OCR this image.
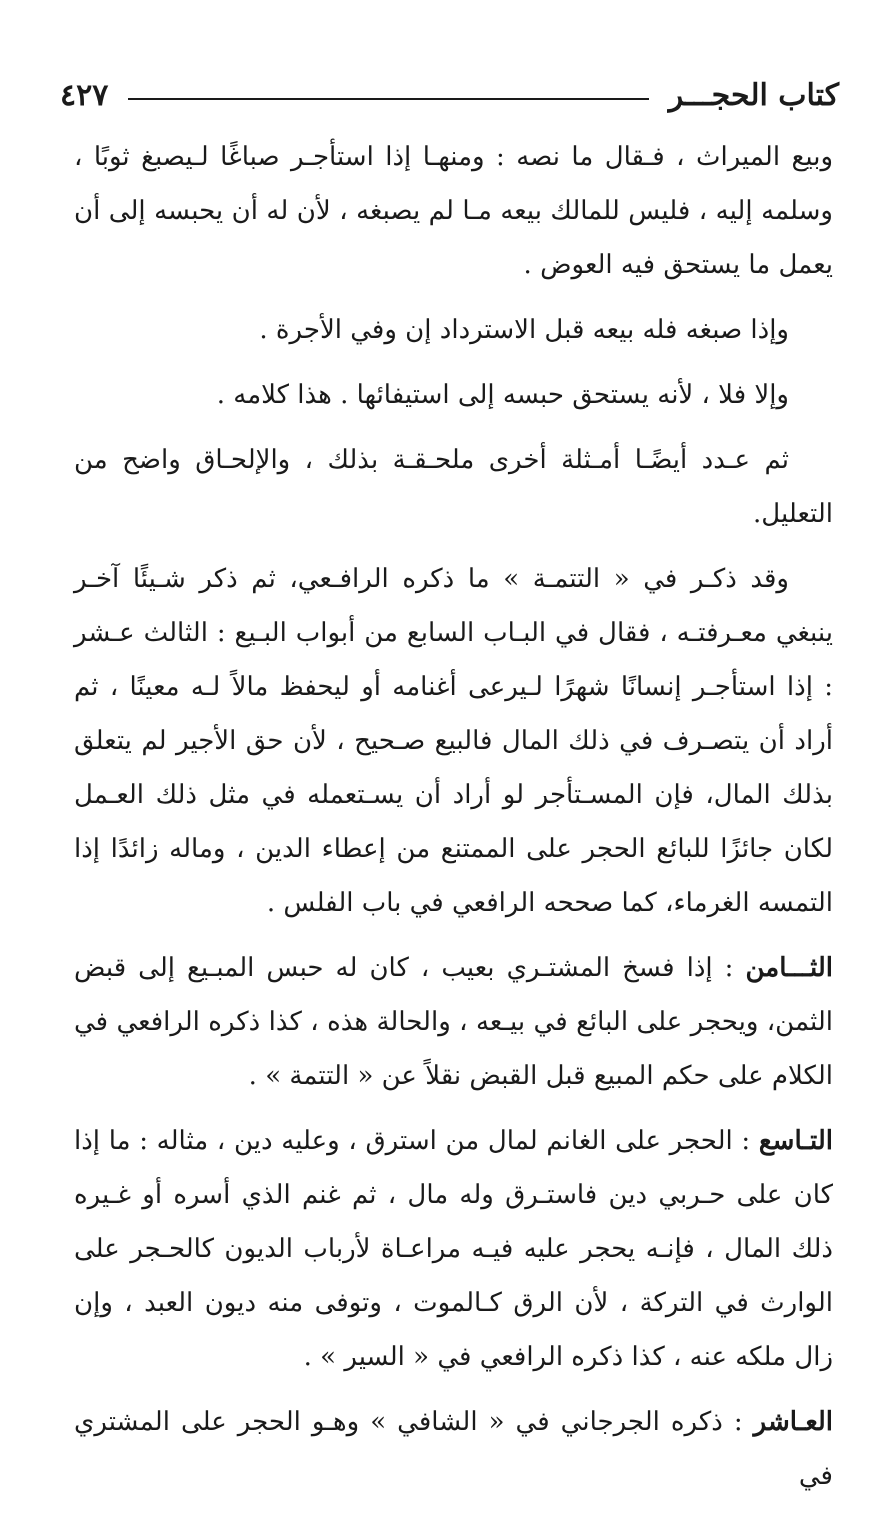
كتاب الحجـــر
٤٢٧

وبيع الميراث ، فـقال ما نصه : ومنهـا إذا استأجـر صباغًا لـيصبغ ثوبًا ، وسلمه إليه ، فليس للمالك بيعه مـا لم يصبغه ، لأن له أن يحبسه إلى أن يعمل ما يستحق فيه العوض .

وإذا صبغه فله بيعه قبل الاسترداد إن وفي الأجرة .

وإلا فلا ، لأنه يستحق حبسه إلى استيفائها . هذا كلامه .

ثم عـدد أيضًـا أمـثلة أخرى ملحـقـة بذلك ، والإلحـاق واضح من التعليل.

وقد ذكـر في « التتمـة » ما ذكره الرافـعي، ثم ذكر شـيئًا آخـر ينبغي معـرفتـه ، فقال في البـاب السابع من أبواب البـيع : الثالث عـشر : إذا استأجـر إنسانًا شهرًا لـيرعى أغنامه أو ليحفظ مالاً لـه معينًا ، ثم أراد أن يتصـرف في ذلك المال فالبيع صـحيح ، لأن حق الأجير لم يتعلق بذلك المال، فإن المسـتأجر لو أراد أن يسـتعمله في مثل ذلك العـمل لكان جائزًا للبائع الحجر على الممتنع من إعطاء الدين ، وماله زائدًا إذا التمسه الغرماء، كما صححه الرافعي في باب الفلس .

الثـــامن : إذا فسخ المشتـري بعيب ، كان له حبس المبـيع إلى قبض الثمن، ويحجر على البائع في بيـعه ، والحالة هذه ، كذا ذكره الرافعي في الكلام على حكم المبيع قبل القبض نقلاً عن « التتمة » .

التـاسع : الحجر على الغانم لمال من استرق ، وعليه دين ، مثاله : ما إذا كان على حـربي دين فاستـرق وله مال ، ثم غنم الذي أسره أو غـيره ذلك المال ، فإنـه يحجر عليه فيـه مراعـاة لأرباب الديون كالحـجر على الوارث في التركة ، لأن الرق كـالموت ، وتوفى منه ديون العبد ، وإن زال ملكه عنه ، كذا ذكره الرافعي في « السير » .

العـاشر : ذكره الجرجاني في « الشافي » وهـو الحجر على المشتري في
